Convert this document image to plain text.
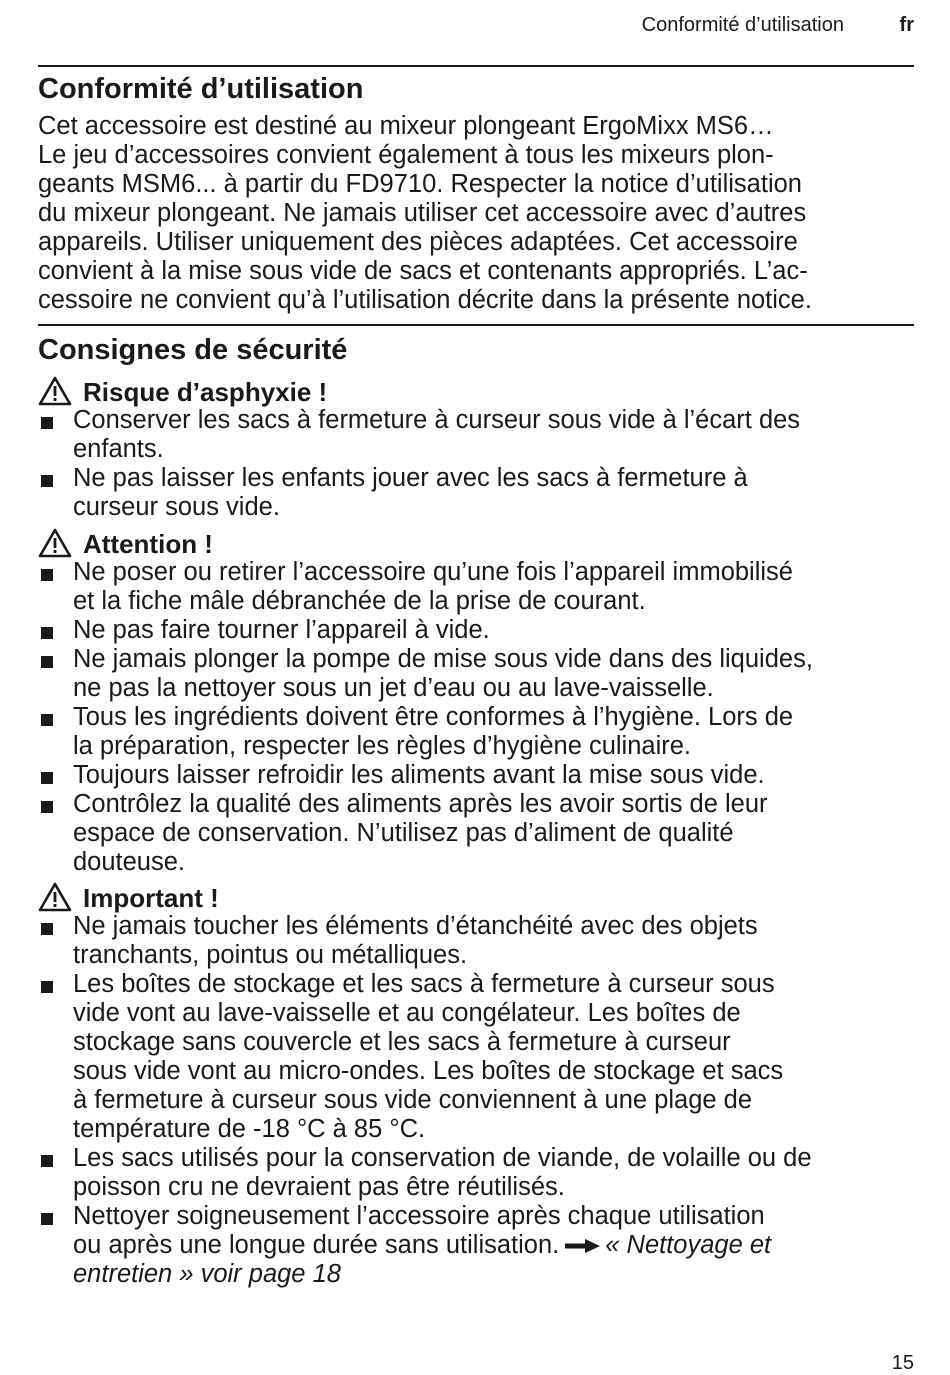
Conformité d’utilisation	fr
Conformité d’utilisation

Cet accessoire est destiné au mixeur plongeant ErgoMixx MS6…
Le jeu d’accessoires convient également à tous les mixeurs plon-
geants MSM6... à partir du FD9710. Respecter la notice d’utilisation
du mixeur plongeant. Ne jamais utiliser cet accessoire avec d’autres
appareils. Utiliser uniquement des pièces adaptées. Cet accessoire
convient à la mise sous vide de sacs et contenants appropriés. L’ac-
cessoire ne convient qu’à l’utilisation décrite dans la présente notice.

Consignes de sécurité

Risque d’asphyxie !

Conserver les sacs à fermeture à curseur sous vide à l’écart des
enfants.
Ne pas laisser les enfants jouer avec les sacs à fermeture à
curseur sous vide.

Attention !

Ne poser ou retirer l’accessoire qu’une fois l’appareil immobilisé
et la fiche mâle débranchée de la prise de courant.
Ne pas faire tourner l’appareil à vide.
Ne jamais plonger la pompe de mise sous vide dans des liquides,
ne pas la nettoyer sous un jet d’eau ou au lave-vaisselle.
Tous les ingrédients doivent être conformes à l’hygiène. Lors de
la préparation, respecter les règles d’hygiène culinaire.
Toujours laisser refroidir les aliments avant la mise sous vide.
Contrôlez la qualité des aliments après les avoir sortis de leur
espace de conservation. N’utilisez pas d’aliment de qualité
douteuse.

Important !

Ne jamais toucher les éléments d’étanchéité avec des objets
tranchants, pointus ou métalliques.
Les boîtes de stockage et les sacs à fermeture à curseur sous
vide vont au lave-vaisselle et au congélateur. Les boîtes de
stockage sans couvercle et les sacs à fermeture à curseur
sous vide vont au micro-ondes. Les boîtes de stockage et sacs
à fermeture à curseur sous vide conviennent à une plage de
température de -18 °C à 85 °C.
Les sacs utilisés pour la conservation de viande, de volaille ou de
poisson cru ne devraient pas être réutilisés.
Nettoyer soigneusement l’accessoire après chaque utilisation
ou après une longue durée sans utilisation. « Nettoyage et
entretien » voir page 18
15
